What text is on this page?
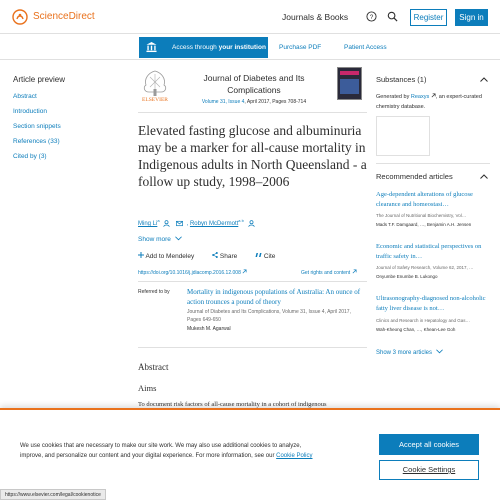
ScienceDirect	Journals & Books	?	Register	Sign in
Access through your institution Purchase PDF	Patient Access
Article preview
Abstract
Introduction
Section snippets
References (33)
Cited by (3)
ELSEVIER
Journal of Diabetes and Its Complications
Volume 31, Issue 4, April 2017, Pages 708-714
Elevated fasting glucose and albuminuria may be a marker for all-cause mortality in Indigenous adults in North Queensland - a follow up study, 1998–2006
Ming Li$^a$   , Robyn McDermott$^{a b}$
Show more
Add to Mendeley	Share	Cite
https://doi.org/10.1016/j.jdiacomp.2016.12.008	Get rights and content
Referred to by Mortality in indigenous populations of Australia: An ounce of action trounces a pound of theory
Journal of Diabetes and Its Complications, Volume 31, Issue 4, April 2017, Pages 649-650
Mukesh M. Agarwal
Abstract
Aims

To document risk factors of all-cause mortality in a cohort of indigenous

Substances (1)
Generated by Reaxys , an expert-curated chemistry database.
Recommended articles
Age-dependent alterations of glucose clearance and homeostasi…
The Journal of Nutritional Biochemistry, Vol…
Mads T.F. Damgaard, …, Benjamin A.H. Jensen
Economic and statistical perspectives on traffic safety in…
Journal of Safety Research, Volume 62, 2017, …
Onyumbe Enumbe B. Lukongo
Ultrasonography-diagnosed non-alcoholic fatty liver disease is not…
Clinics and Research in Hepatology and Gas…
Wah-Kheong Chan, …, Khean-Lee Goh
Show 3 more articles

We use cookies that are necessary to make our site work. We may also use additional cookies to analyze, improve, and personalize our content and your digital experience. For more information, see our Cookie Policy

Accept all cookies
Cookie Settings
https://www.elsevier.com/legal/cookienotice
